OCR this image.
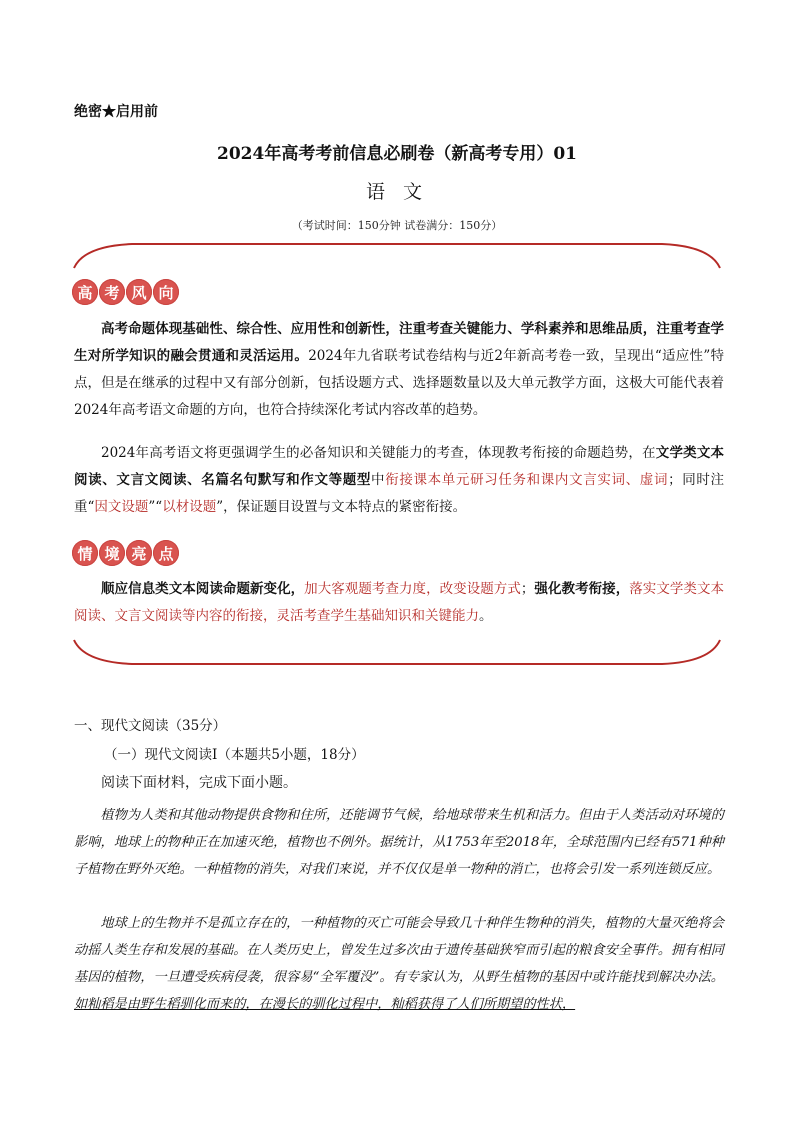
绝密★启用前
2024年高考考前信息必刷卷（新高考专用）01
语 文
（考试时间：150分钟 试卷满分：150分）
高 考 风 向
高考命题体现基础性、综合性、应用性和创新性，注重考查关键能力、学科素养和思维品质，注重考查学生对所学知识的融会贯通和灵活运用。2024年九省联考试卷结构与近2年新高考卷一致，呈现出“适应性”特点，但是在继承的过程中又有部分创新，包括设题方式、选择题数量以及大单元教学方面，这极大可能代表着2024年高考语文命题的方向，也符合持续深化考试内容改革的趋势。
2024年高考语文将更强调学生的必备知识和关键能力的考查，体现教考衔接的命题趋势，在文学类文本阅读、文言文阅读、名篇名句默写和作文等题型中衔接课本单元研习任务和课内文言实词、虚词；同时注重“因文设题”“以材设题”，保证题目设置与文本特点的紧密衔接。
情 境 亮 点
顺应信息类文本阅读命题新变化，加大客观题考查力度，改变设题方式；强化教考衔接，落实文学类文本阅读、文言文阅读等内容的衔接，灵活考查学生基础知识和关键能力。
一、现代文阅读（35分）
（一）现代文阅读Ⅰ（本题共5小题，18分）
阅读下面材料，完成下面小题。
植物为人类和其他动物提供食物和住所，还能调节气候，给地球带来生机和活力。但由于人类活动对环境的影响，地球上的物种正在加速灭绝，植物也不例外。据统计，从1753年至2018年，全球范围内已经有571种种子植物在野外灭绝。一种植物的消失，对我们来说，并不仅仅是单一物种的消亡，也将会引发一系列连锁反应。
地球上的生物并不是孤立存在的，一种植物的灭亡可能会导致几十种伴生物种的消失，植物的大量灭绝将会动摇人类生存和发展的基础。在人类历史上，曾发生过多次由于遗传基础狭窄而引起的粮食安全事件。拥有相同基因的植物，一旦遭受疾病侵袭，很容易“全军覆没”。有专家认为，从野生植物的基因中或许能找到解决办法。如籼稻是由野生稻驯化而来的，在漫长的驯化过程中，籼稻获得了人们所期望的性状，
